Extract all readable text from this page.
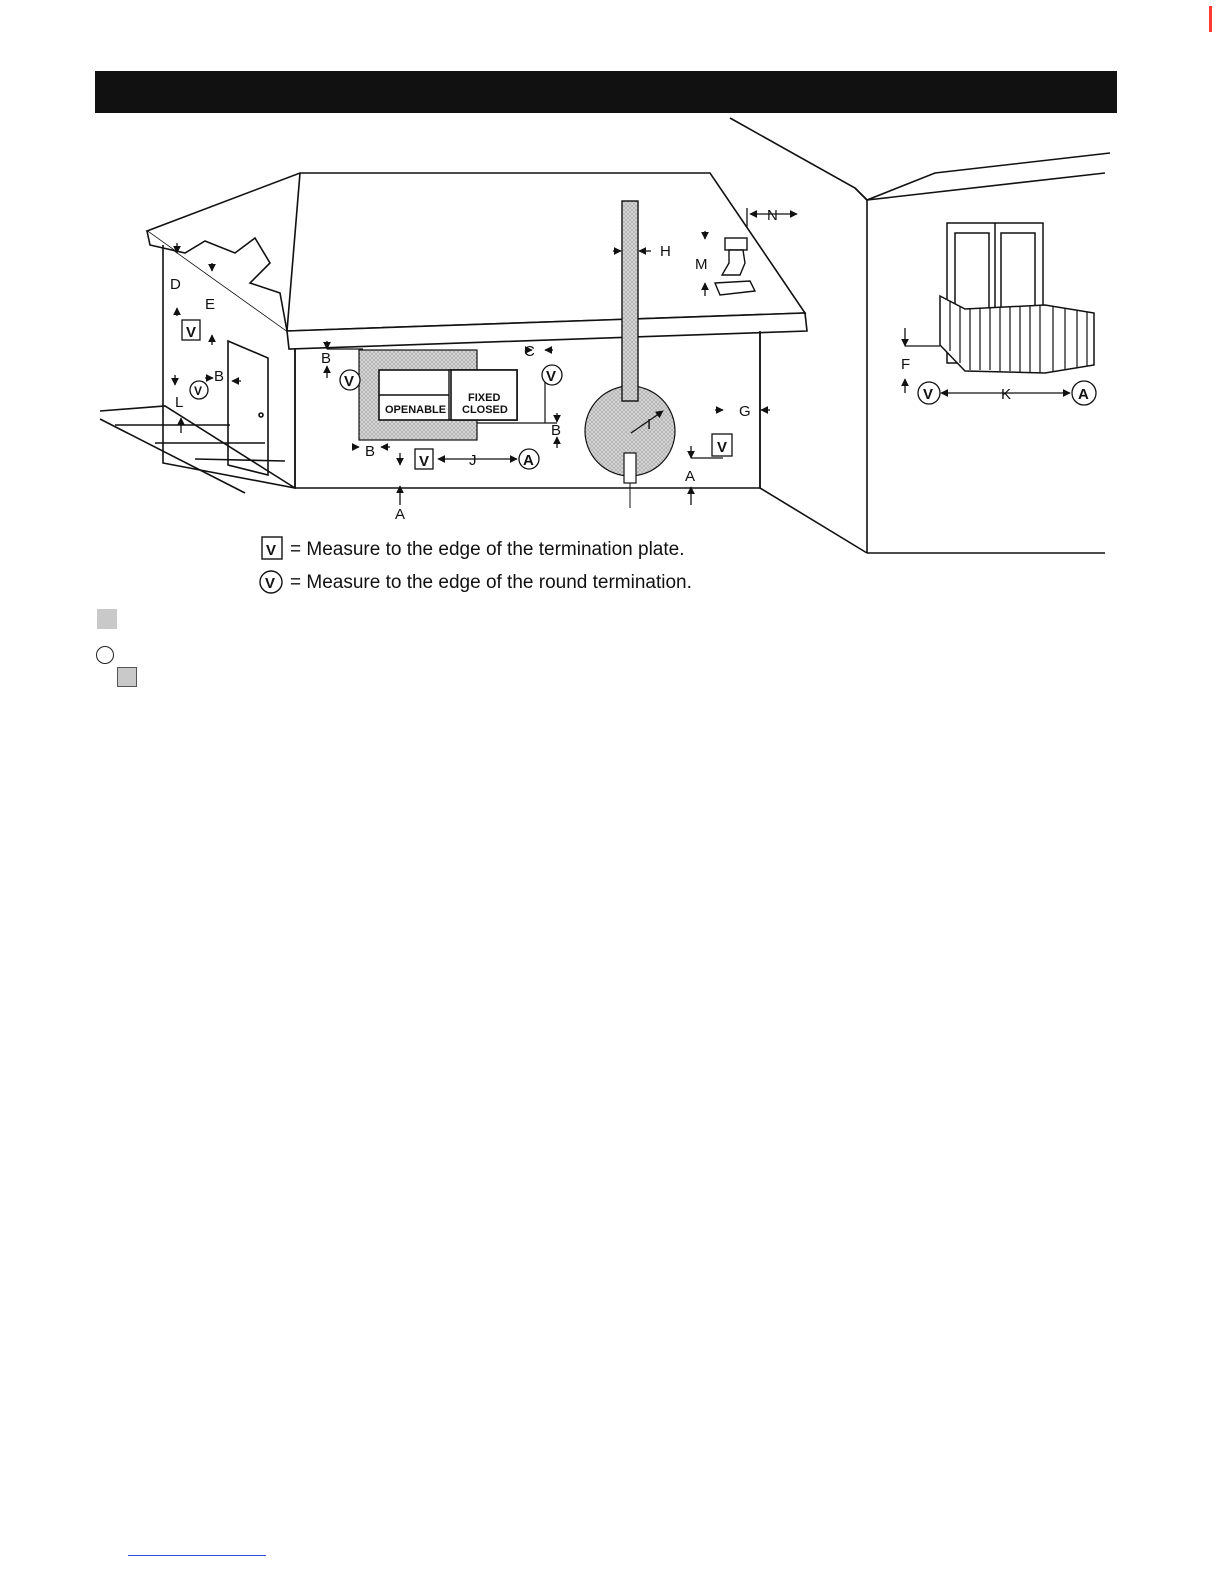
OPENABLE
FIXED
CLOSED
V
V
V
V	V
V
A
V	A
A
A
B
B
B
B
C
D
E
F
G
H
I
J
K
L
M
N
V = Measure to the edge of the termination plate.
V = Measure to the edge of the round termination.
